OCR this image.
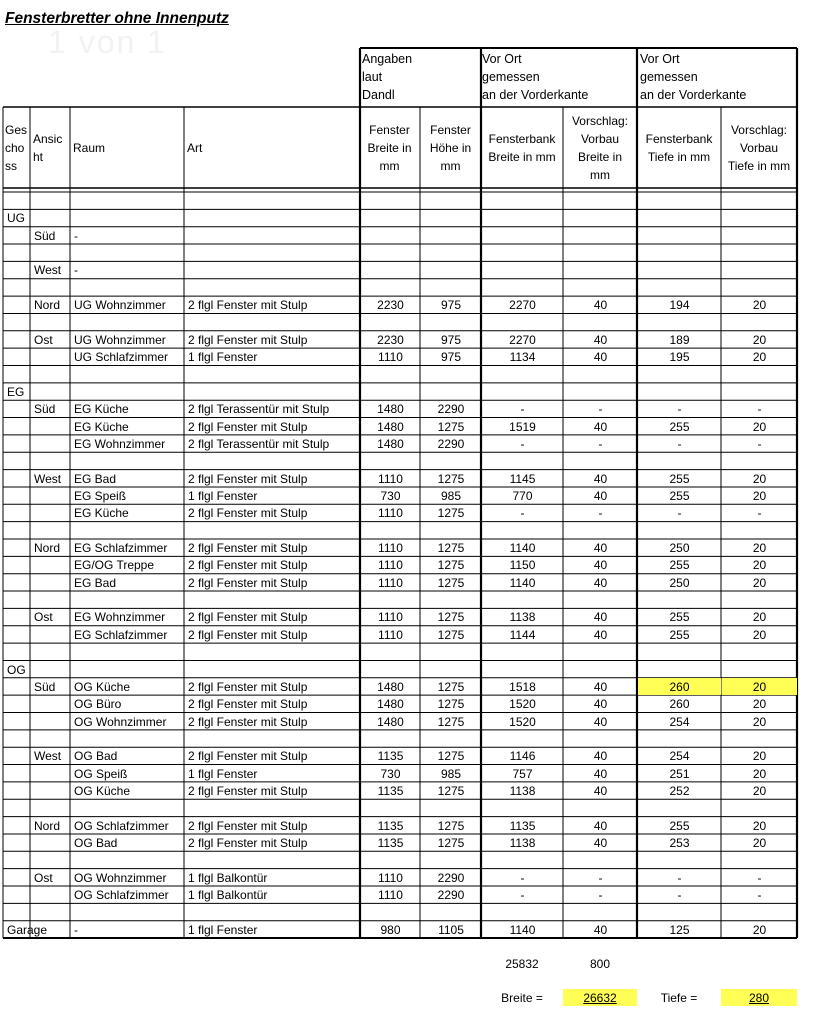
Fensterbretter ohne Innenputz
1 von 1	Angaben
laut
Dandl
Vor Ort
gemessen
an der Vorderkante
Vor Ort
gemessen
an der Vorderkante
Ges
cho
ss
Ansic
ht
Raum	Art
Fenster
Breite in
mm
Fenster
Höhe in
mm
Fensterbank
Breite in mm
Vorschlag:
Vorbau
Breite in
mm
Fensterbank
Tiefe in mm
Vorschlag:
Vorbau
Tiefe in mm
UG
Süd	-
West	-
Nord	UG Wohnzimmer	2 flgl Fenster mit Stulp	2230	975	2270	40	194	20
Ost	UG Wohnzimmer	2 flgl Fenster mit Stulp	2230	975	2270	40	189	20
UG Schlafzimmer	1 flgl Fenster	1110	975	1134	40	195	20
EG
Süd	EG Küche	2 flgl Terassentür mit Stulp	1480	2290	-	-	-	-
EG Küche	2 flgl Fenster mit Stulp	1480	1275	1519	40	255	20
EG Wohnzimmer	2 flgl Terassentür mit Stulp	1480	2290	-	-	-	-
West	EG Bad	2 flgl Fenster mit Stulp	1110	1275	1145	40	255	20
EG Speiß	1 flgl Fenster	730	985	770	40	255	20
EG Küche	2 flgl Fenster mit Stulp	1110	1275	-	-	-	-
Nord	EG Schlafzimmer	2 flgl Fenster mit Stulp	1110	1275	1140	40	250	20
EG/OG Treppe	2 flgl Fenster mit Stulp	1110	1275	1150	40	255	20
EG Bad	2 flgl Fenster mit Stulp	1110	1275	1140	40	250	20
Ost	EG Wohnzimmer	2 flgl Fenster mit Stulp	1110	1275	1138	40	255	20
EG Schlafzimmer	2 flgl Fenster mit Stulp	1110	1275	1144	40	255	20
OG
Süd	OG Küche	2 flgl Fenster mit Stulp	1480	1275	1518	40	260	20
OG Büro	2 flgl Fenster mit Stulp	1480	1275	1520	40	260	20
OG Wohnzimmer	2 flgl Fenster mit Stulp	1480	1275	1520	40	254	20
West	OG Bad	2 flgl Fenster mit Stulp	1135	1275	1146	40	254	20
OG Speiß	1 flgl Fenster	730	985	757	40	251	20
OG Küche	2 flgl Fenster mit Stulp	1135	1275	1138	40	252	20
Nord	OG Schlafzimmer	2 flgl Fenster mit Stulp	1135	1275	1135	40	255	20
OG Bad	2 flgl Fenster mit Stulp	1135	1275	1138	40	253	20
Ost	OG Wohnzimmer	1 flgl Balkontür	1110	2290	-	-	-	-
OG Schlafzimmer	1 flgl Balkontür	1110	2290	-	-	-	-
Garage -	1 flgl Fenster	980	1105	1140	40	125	20
25832	800
Breite =	26632	Tiefe =	280
